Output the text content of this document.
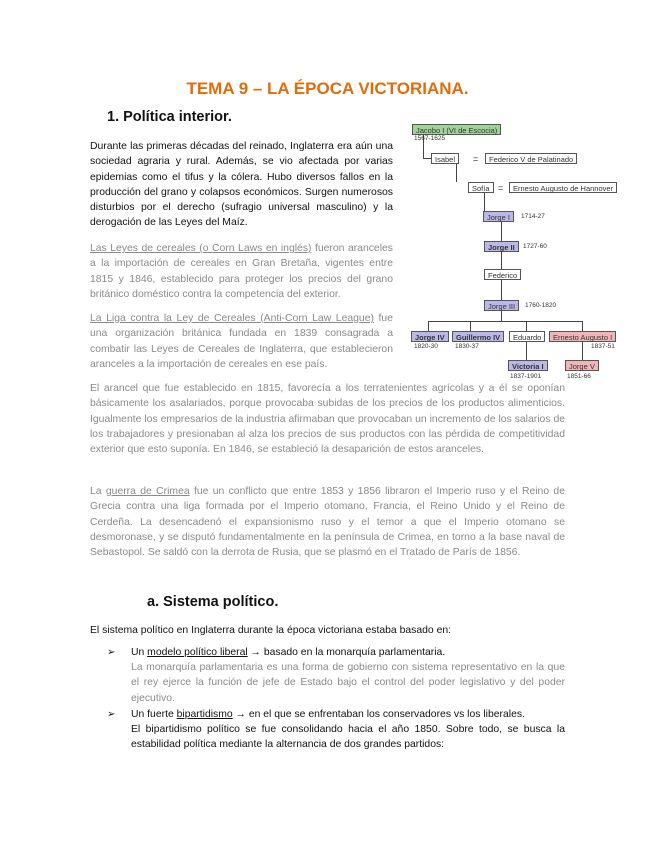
TEMA 9 – LA ÉPOCA VICTORIANA.
1. Política interior.
Durante las primeras décadas del reinado, Inglaterra era aún una sociedad agraria y rural. Además, se vio afectada por varias epidemias como el tifus y la cólera. Hubo diversos fallos en la producción del grano y colapsos económicos. Surgen numerosos disturbios por el derecho (sufragio universal masculino) y la derogación de las Leyes del Maíz.
Las Leyes de cereales (o Corn Laws en inglés) fueron aranceles a la importación de cereales en Gran Bretaña, vigentes entre 1815 y 1846, establecido para proteger los precios del grano británico doméstico contra la competencia del exterior.
La Liga contra la Ley de Cereales (Anti-Corn Law League) fue una organización británica fundada en 1839 consagrada a combatir las Leyes de Cereales de Inglaterra, que establecieron aranceles a la importación de cereales en ese país.
El arancel que fue establecido en 1815, favorecía a los terratenientes agrícolas y a él se oponían básicamente los asalariados, porque provocaba subidas de los precios de los productos alimenticios. Igualmente los empresarios de la industria afirmaban que provocaban un incremento de los salarios de los trabajadores y presionaban al alza los precios de sus productos con las pérdida de competitividad exterior que esto suponía. En 1846, se estableció la desaparición de estos aranceles.
La guerra de Crimea fue un conflicto que entre 1853 y 1856 libraron el Imperio ruso y el Reino de Grecia contra una liga formada por el Imperio otomano, Francia, el Reino Unido y el Reino de Cerdeña. La desencadenó el expansionismo ruso y el temor a que el Imperio otomano se desmoronase, y se disputó fundamentalmente en la península de Crimea, en torno a la base naval de Sebastopol. Se saldó con la derrota de Rusia, que se plasmó en el Tratado de París de 1856.
Jacobo I (VI de Escocia)
1567-1625
Isabel	=	Federico V de Palatinado
Sofía =	Ernesto Augusto de Hannover
Jorge I	1714-27
Jorge II	1727-60
Federico
Jorge III	1760-1820
Jorge IV
1820-30
Guillermo IV
1830-37
Eduardo	Ernesto Augusto I
1837-51
Victoria I
1837-1901
Jorge V
1851-66
a. Sistema político.
El sistema político en Inglaterra durante la época victoriana estaba basado en:
➢ Un modelo político liberal → basado en la monarquía parlamentaria.
La monarquía parlamentaria es una forma de gobierno con sistema representativo en la que el rey ejerce la función de jefe de Estado bajo el control del poder legislativo y del poder ejecutivo.
➢ Un fuerte bipartidismo → en el que se enfrentaban los conservadores vs los liberales.
El bipartidismo político se fue consolidando hacia el año 1850. Sobre todo, se busca la estabilidad política mediante la alternancia de dos grandes partidos:
